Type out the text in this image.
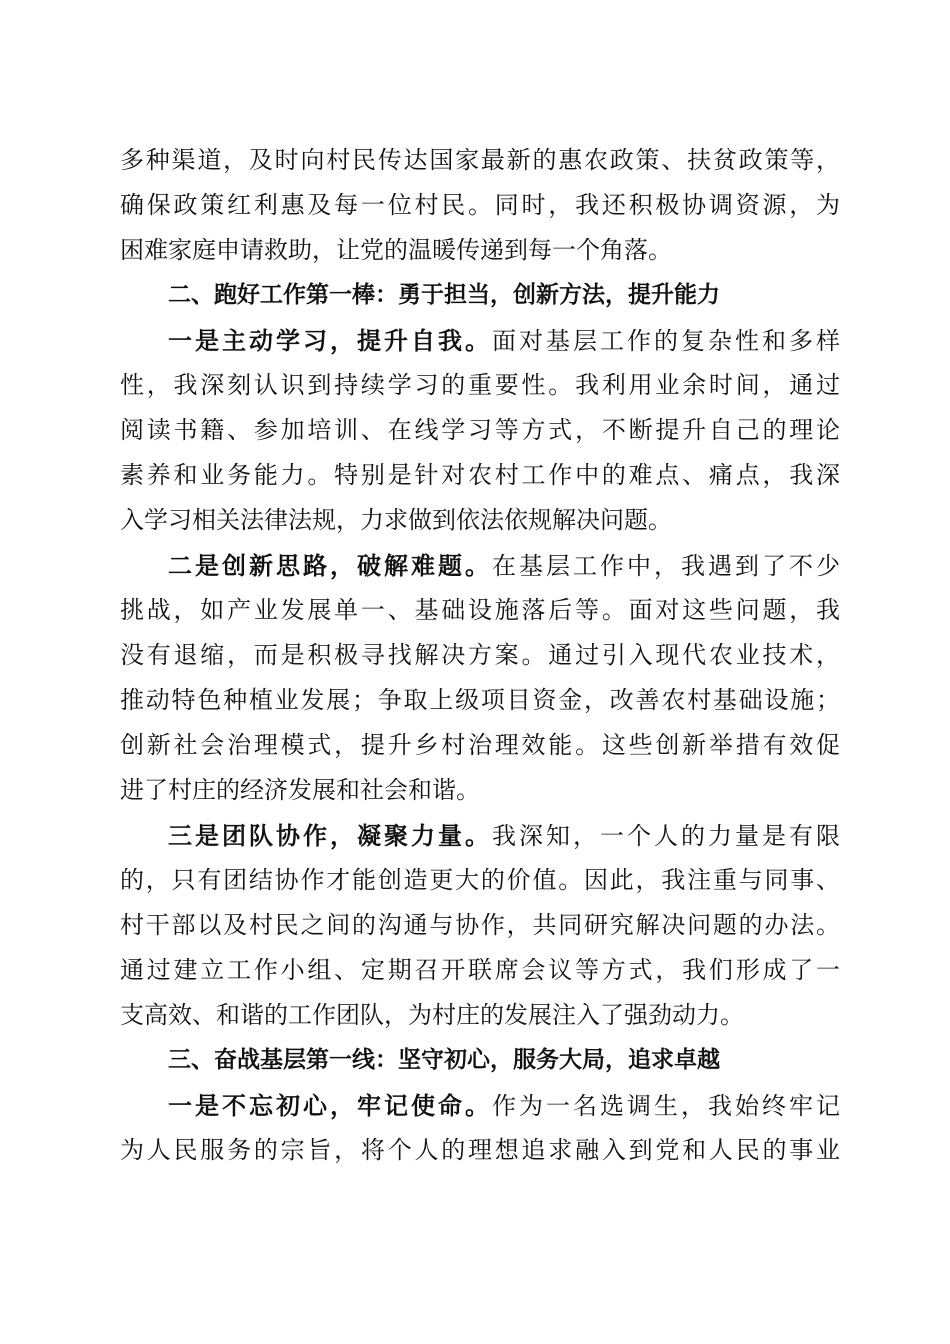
多种渠道，及时向村民传达国家最新的惠农政策、扶贫政策等，
确保政策红利惠及每一位村民。同时，我还积极协调资源，为
困难家庭申请救助，让党的温暖传递到每一个角落。
二、跑好工作第一棒：勇于担当，创新方法，提升能力
一是主动学习，提升自我。面对基层工作的复杂性和多样
性，我深刻认识到持续学习的重要性。我利用业余时间，通过
阅读书籍、参加培训、在线学习等方式，不断提升自己的理论
素养和业务能力。特别是针对农村工作中的难点、痛点，我深
入学习相关法律法规，力求做到依法依规解决问题。
二是创新思路，破解难题。在基层工作中，我遇到了不少
挑战，如产业发展单一、基础设施落后等。面对这些问题，我
没有退缩，而是积极寻找解决方案。通过引入现代农业技术，
推动特色种植业发展；争取上级项目资金，改善农村基础设施；
创新社会治理模式，提升乡村治理效能。这些创新举措有效促
进了村庄的经济发展和社会和谐。
三是团队协作，凝聚力量。我深知，一个人的力量是有限
的，只有团结协作才能创造更大的价值。因此，我注重与同事、
村干部以及村民之间的沟通与协作，共同研究解决问题的办法。
通过建立工作小组、定期召开联席会议等方式，我们形成了一
支高效、和谐的工作团队，为村庄的发展注入了强劲动力。
三、奋战基层第一线：坚守初心，服务大局，追求卓越
一是不忘初心，牢记使命。作为一名选调生，我始终牢记
为人民服务的宗旨，将个人的理想追求融入到党和人民的事业
